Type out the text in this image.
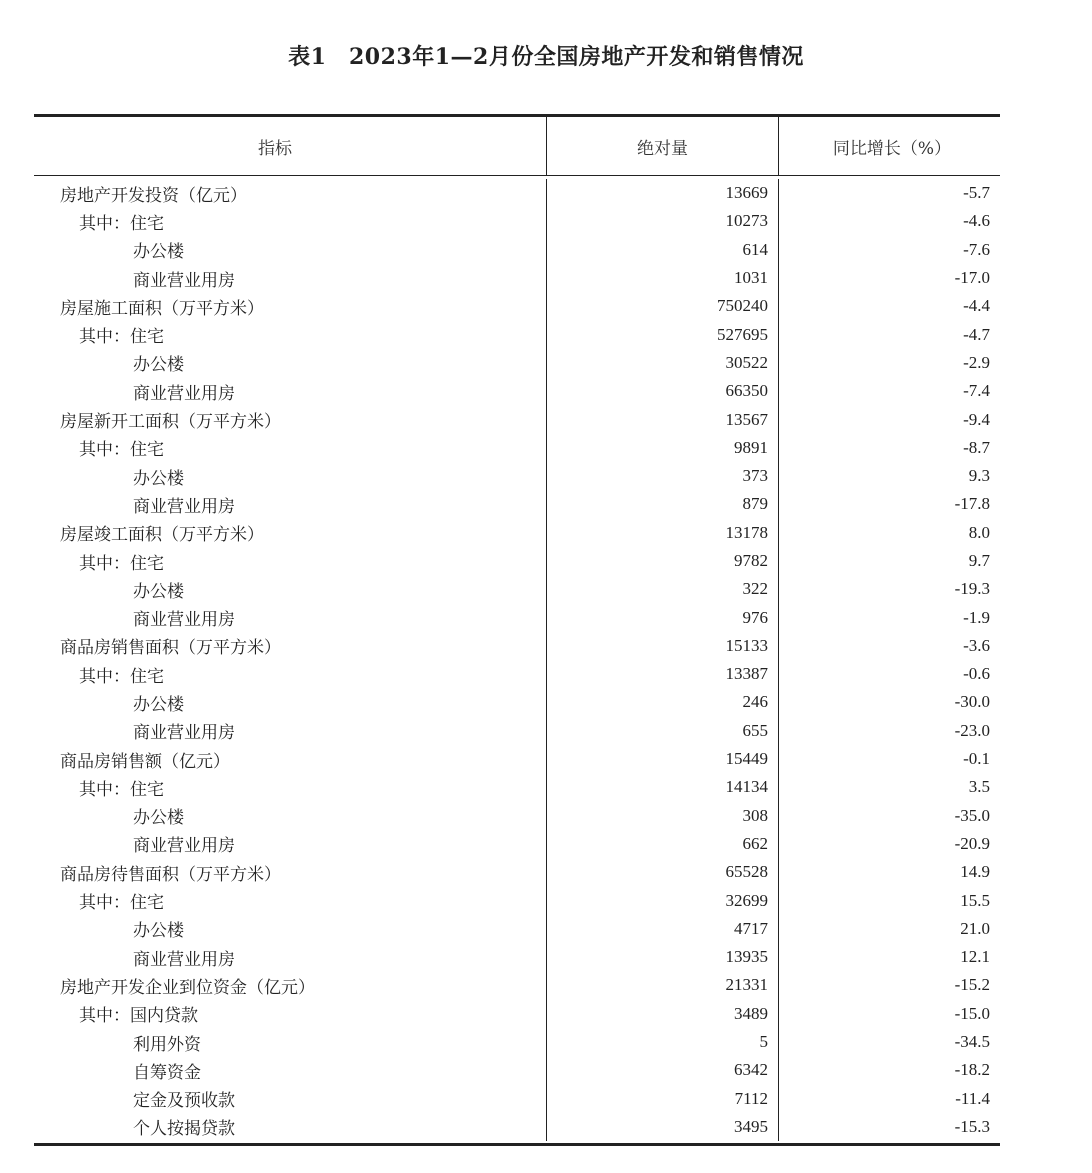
表1　2023年1—2月份全国房地产开发和销售情况
指标	绝对量	同比增长（%）
房地产开发投资（亿元）	13669	-5.7
其中：住宅	10273	-4.6
办公楼	614	-7.6
商业营业用房	1031	-17.0
房屋施工面积（万平方米）	750240	-4.4
其中：住宅	527695	-4.7
办公楼	30522	-2.9
商业营业用房	66350	-7.4
房屋新开工面积（万平方米）	13567	-9.4
其中：住宅	9891	-8.7
办公楼	373	9.3
商业营业用房	879	-17.8
房屋竣工面积（万平方米）	13178	8.0
其中：住宅	9782	9.7
办公楼	322	-19.3
商业营业用房	976	-1.9
商品房销售面积（万平方米）	15133	-3.6
其中：住宅	13387	-0.6
办公楼	246	-30.0
商业营业用房	655	-23.0
商品房销售额（亿元）	15449	-0.1
其中：住宅	14134	3.5
办公楼	308	-35.0
商业营业用房	662	-20.9
商品房待售面积（万平方米）	65528	14.9
其中：住宅	32699	15.5
办公楼	4717	21.0
商业营业用房	13935	12.1
房地产开发企业到位资金（亿元）	21331	-15.2
其中：国内贷款	3489	-15.0
利用外资	5	-34.5
自筹资金	6342	-18.2
定金及预收款	7112	-11.4
个人按揭贷款	3495	-15.3
